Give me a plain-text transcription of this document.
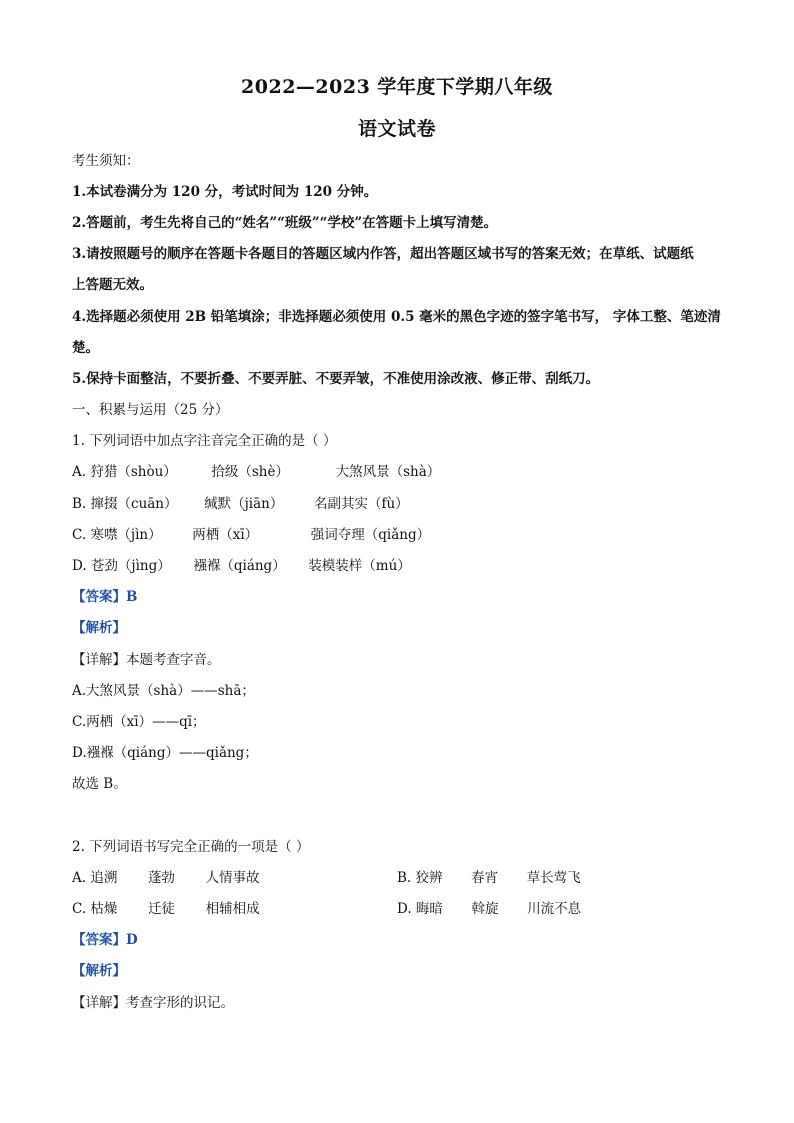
2022—2023 学年度下学期八年级
语文试卷
考生须知：
1.本试卷满分为 120 分，考试时间为 120 分钟。
2.答题前，考生先将自己的“姓名”“班级”“学校”在答题卡上填写清楚。
3.请按照题号的顺序在答题卡各题目的答题区域内作答，超出答题区域书写的答案无效；在草纸、试题纸
上答题无效。
4.选择题必须使用 2B 铅笔填涂；非选择题必须使用 0.5 毫米的黑色字迹的签字笔书写， 字体工整、笔迹清
楚。
5.保持卡面整洁，不要折叠、不要弄脏、不要弄皱，不准使用涂改液、修正带、刮纸刀。
一、积累与运用（25 分）
1. 下列词语中加点字注音完全正确的是（ ）
A. 狩猎（shòu）	拾级（shè）	大煞风景（shà）
B. 撺掇（cuān） 缄默（jiān） 名副其实（fù）
C. 寒噤（jìn） 两栖（xī）	强词夺理（qiǎng）
D. 苍劲（jìng） 襁褓（qiáng） 装模装样（mú）
【答案】B
【解析】
【详解】本题考查字音。
A.大煞风景（shà）——shā；
C.两栖（xī）——qī；
D.襁褓（qiáng）——qiǎng；
故选 B。
2. 下列词语书写完全正确的一项是（ ）
A. 追溯 蓬勃 人情事故	B. 狡辨 春宵 草长莺飞
C. 枯燥 迁徒 相辅相成	D. 晦暗 斡旋 川流不息
【答案】D
【解析】
【详解】考查字形的识记。
